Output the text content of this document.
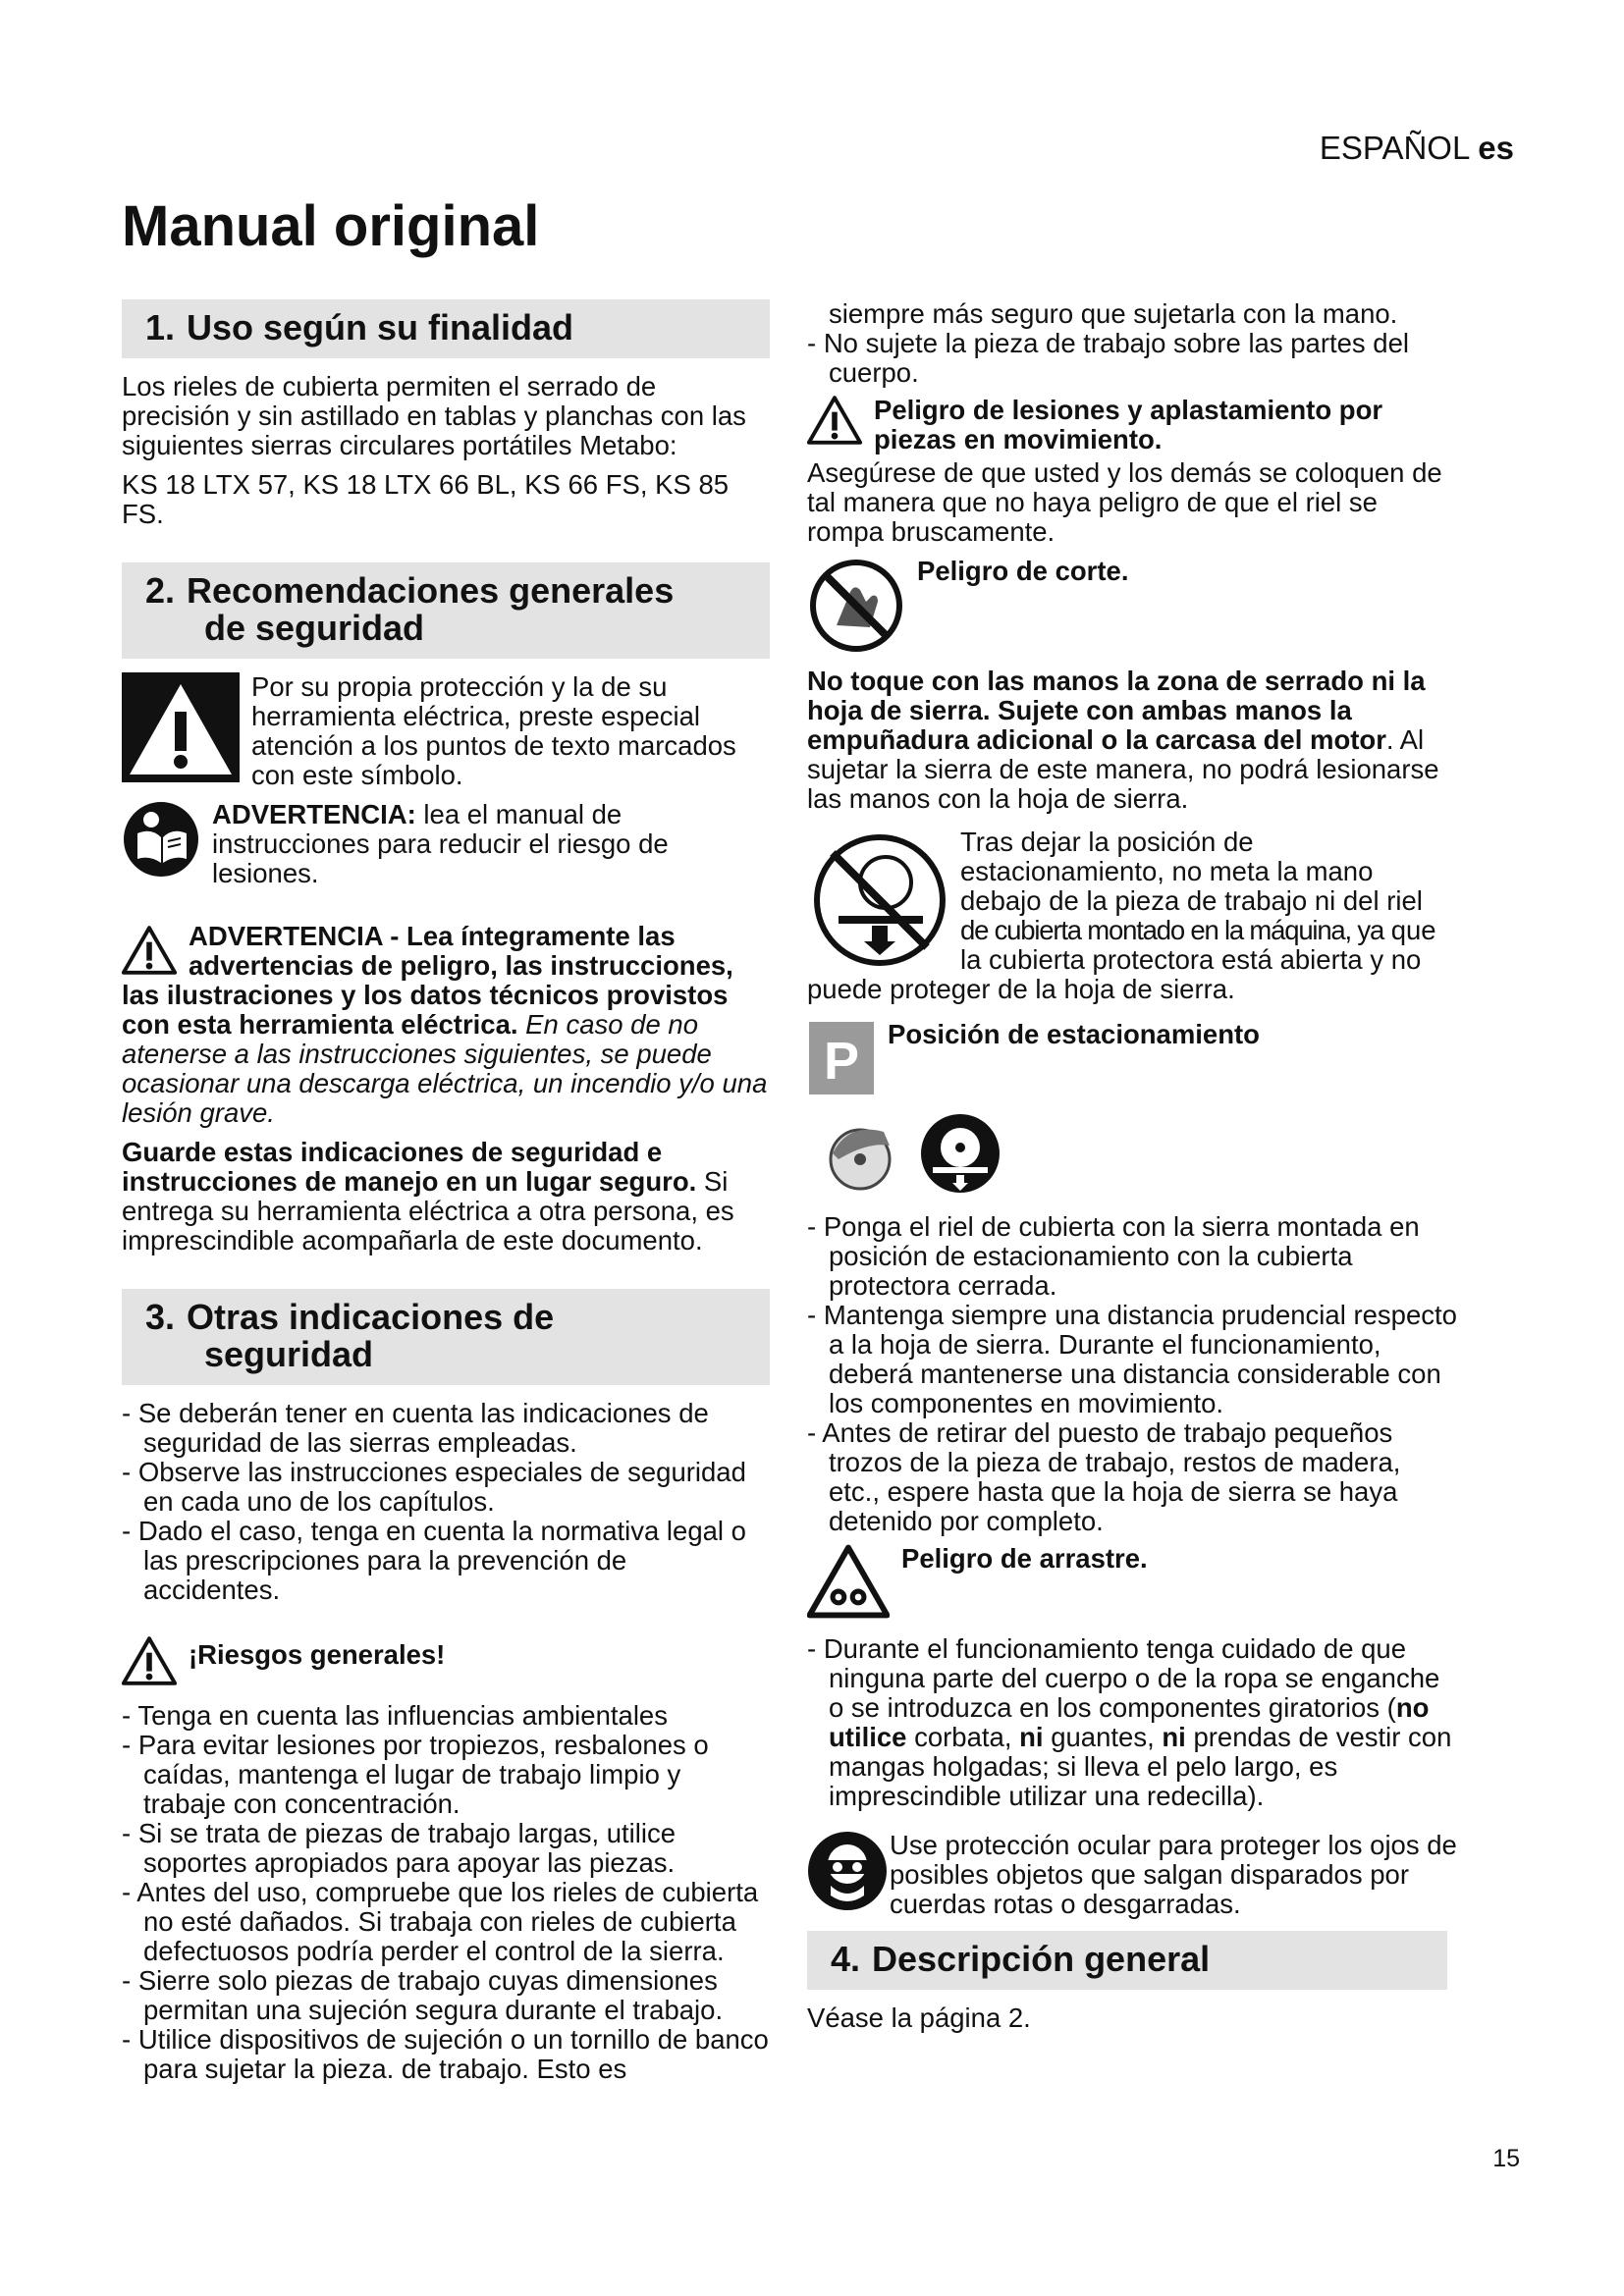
ESPAÑOL es
Manual original
1. Uso según su finalidad

Los rieles de cubierta permiten el serrado de precisión y sin astillado en tablas y planchas con las siguientes sierras circulares portátiles Metabo:

KS 18 LTX 57, KS 18 LTX 66 BL, KS 66 FS, KS 85 FS.

2. Recomendaciones generales
de seguridad
Por su propia protección y la de su herramienta eléctrica, preste especial atención a los puntos de texto marcados con este símbolo.
ADVERTENCIA: lea el manual de instrucciones para reducir el riesgo de lesiones.

ADVERTENCIA - Lea íntegramente las advertencias de peligro, las instrucciones, las ilustraciones y los datos técnicos provistos con esta herramienta eléctrica. En caso de no atenerse a las instrucciones siguientes, se puede ocasionar una descarga eléctrica, un incendio y/o una lesión grave.

Guarde estas indicaciones de seguridad e instrucciones de manejo en un lugar seguro. Si entrega su herramienta eléctrica a otra persona, es imprescindible acompañarla de este documento.

3. Otras indicaciones de
seguridad
- Se deberán tener en cuenta las indicaciones de seguridad de las sierras empleadas.
- Observe las instrucciones especiales de seguridad en cada uno de los capítulos.
- Dado el caso, tenga en cuenta la normativa legal o las prescripciones para la prevención de accidentes.
¡Riesgos generales!
- Tenga en cuenta las influencias ambientales
- Para evitar lesiones por tropiezos, resbalones o caídas, mantenga el lugar de trabajo limpio y trabaje con concentración.
- Si se trata de piezas de trabajo largas, utilice soportes apropiados para apoyar las piezas.
- Antes del uso, compruebe que los rieles de cubierta no esté dañados. Si trabaja con rieles de cubierta defectuosos podría perder el control de la sierra.
- Sierre solo piezas de trabajo cuyas dimensiones permitan una sujeción segura durante el trabajo.
- Utilice dispositivos de sujeción o un tornillo de banco para sujetar la pieza. de trabajo. Esto es

siempre más seguro que sujetarla con la mano.

- No sujete la pieza de trabajo sobre las partes del cuerpo.
Peligro de lesiones y aplastamiento por piezas en movimiento.

Asegúrese de que usted y los demás se coloquen de tal manera que no haya peligro de que el riel se rompa bruscamente.

Peligro de corte.

No toque con las manos la zona de serrado ni la hoja de sierra. Sujete con ambas manos la empuñadura adicional o la carcasa del motor. Al sujetar la sierra de este manera, no podrá lesionarse las manos con la hoja de sierra.

Tras dejar la posición de estacionamiento, no meta la mano debajo de la pieza de trabajo ni del riel de cubierta montado en la máquina, ya que la cubierta protectora está abierta y no puede proteger de la hoja de sierra.

P Posición de estacionamiento
- Ponga el riel de cubierta con la sierra montada en posición de estacionamiento con la cubierta protectora cerrada.
- Mantenga siempre una distancia prudencial respecto a la hoja de sierra. Durante el funcionamiento, deberá mantenerse una distancia considerable con los componentes en movimiento.
- Antes de retirar del puesto de trabajo pequeños trozos de la pieza de trabajo, restos de madera, etc., espere hasta que la hoja de sierra se haya detenido por completo.
Peligro de arrastre.
- Durante el funcionamiento tenga cuidado de que ninguna parte del cuerpo o de la ropa se enganche o se introduzca en los componentes giratorios (no utilice corbata, ni guantes, ni prendas de vestir con mangas holgadas; si lleva el pelo largo, es imprescindible utilizar una redecilla).
Use protección ocular para proteger los ojos de posibles objetos que salgan disparados por cuerdas rotas o desgarradas.
4. Descripción general

Véase la página 2.

15
